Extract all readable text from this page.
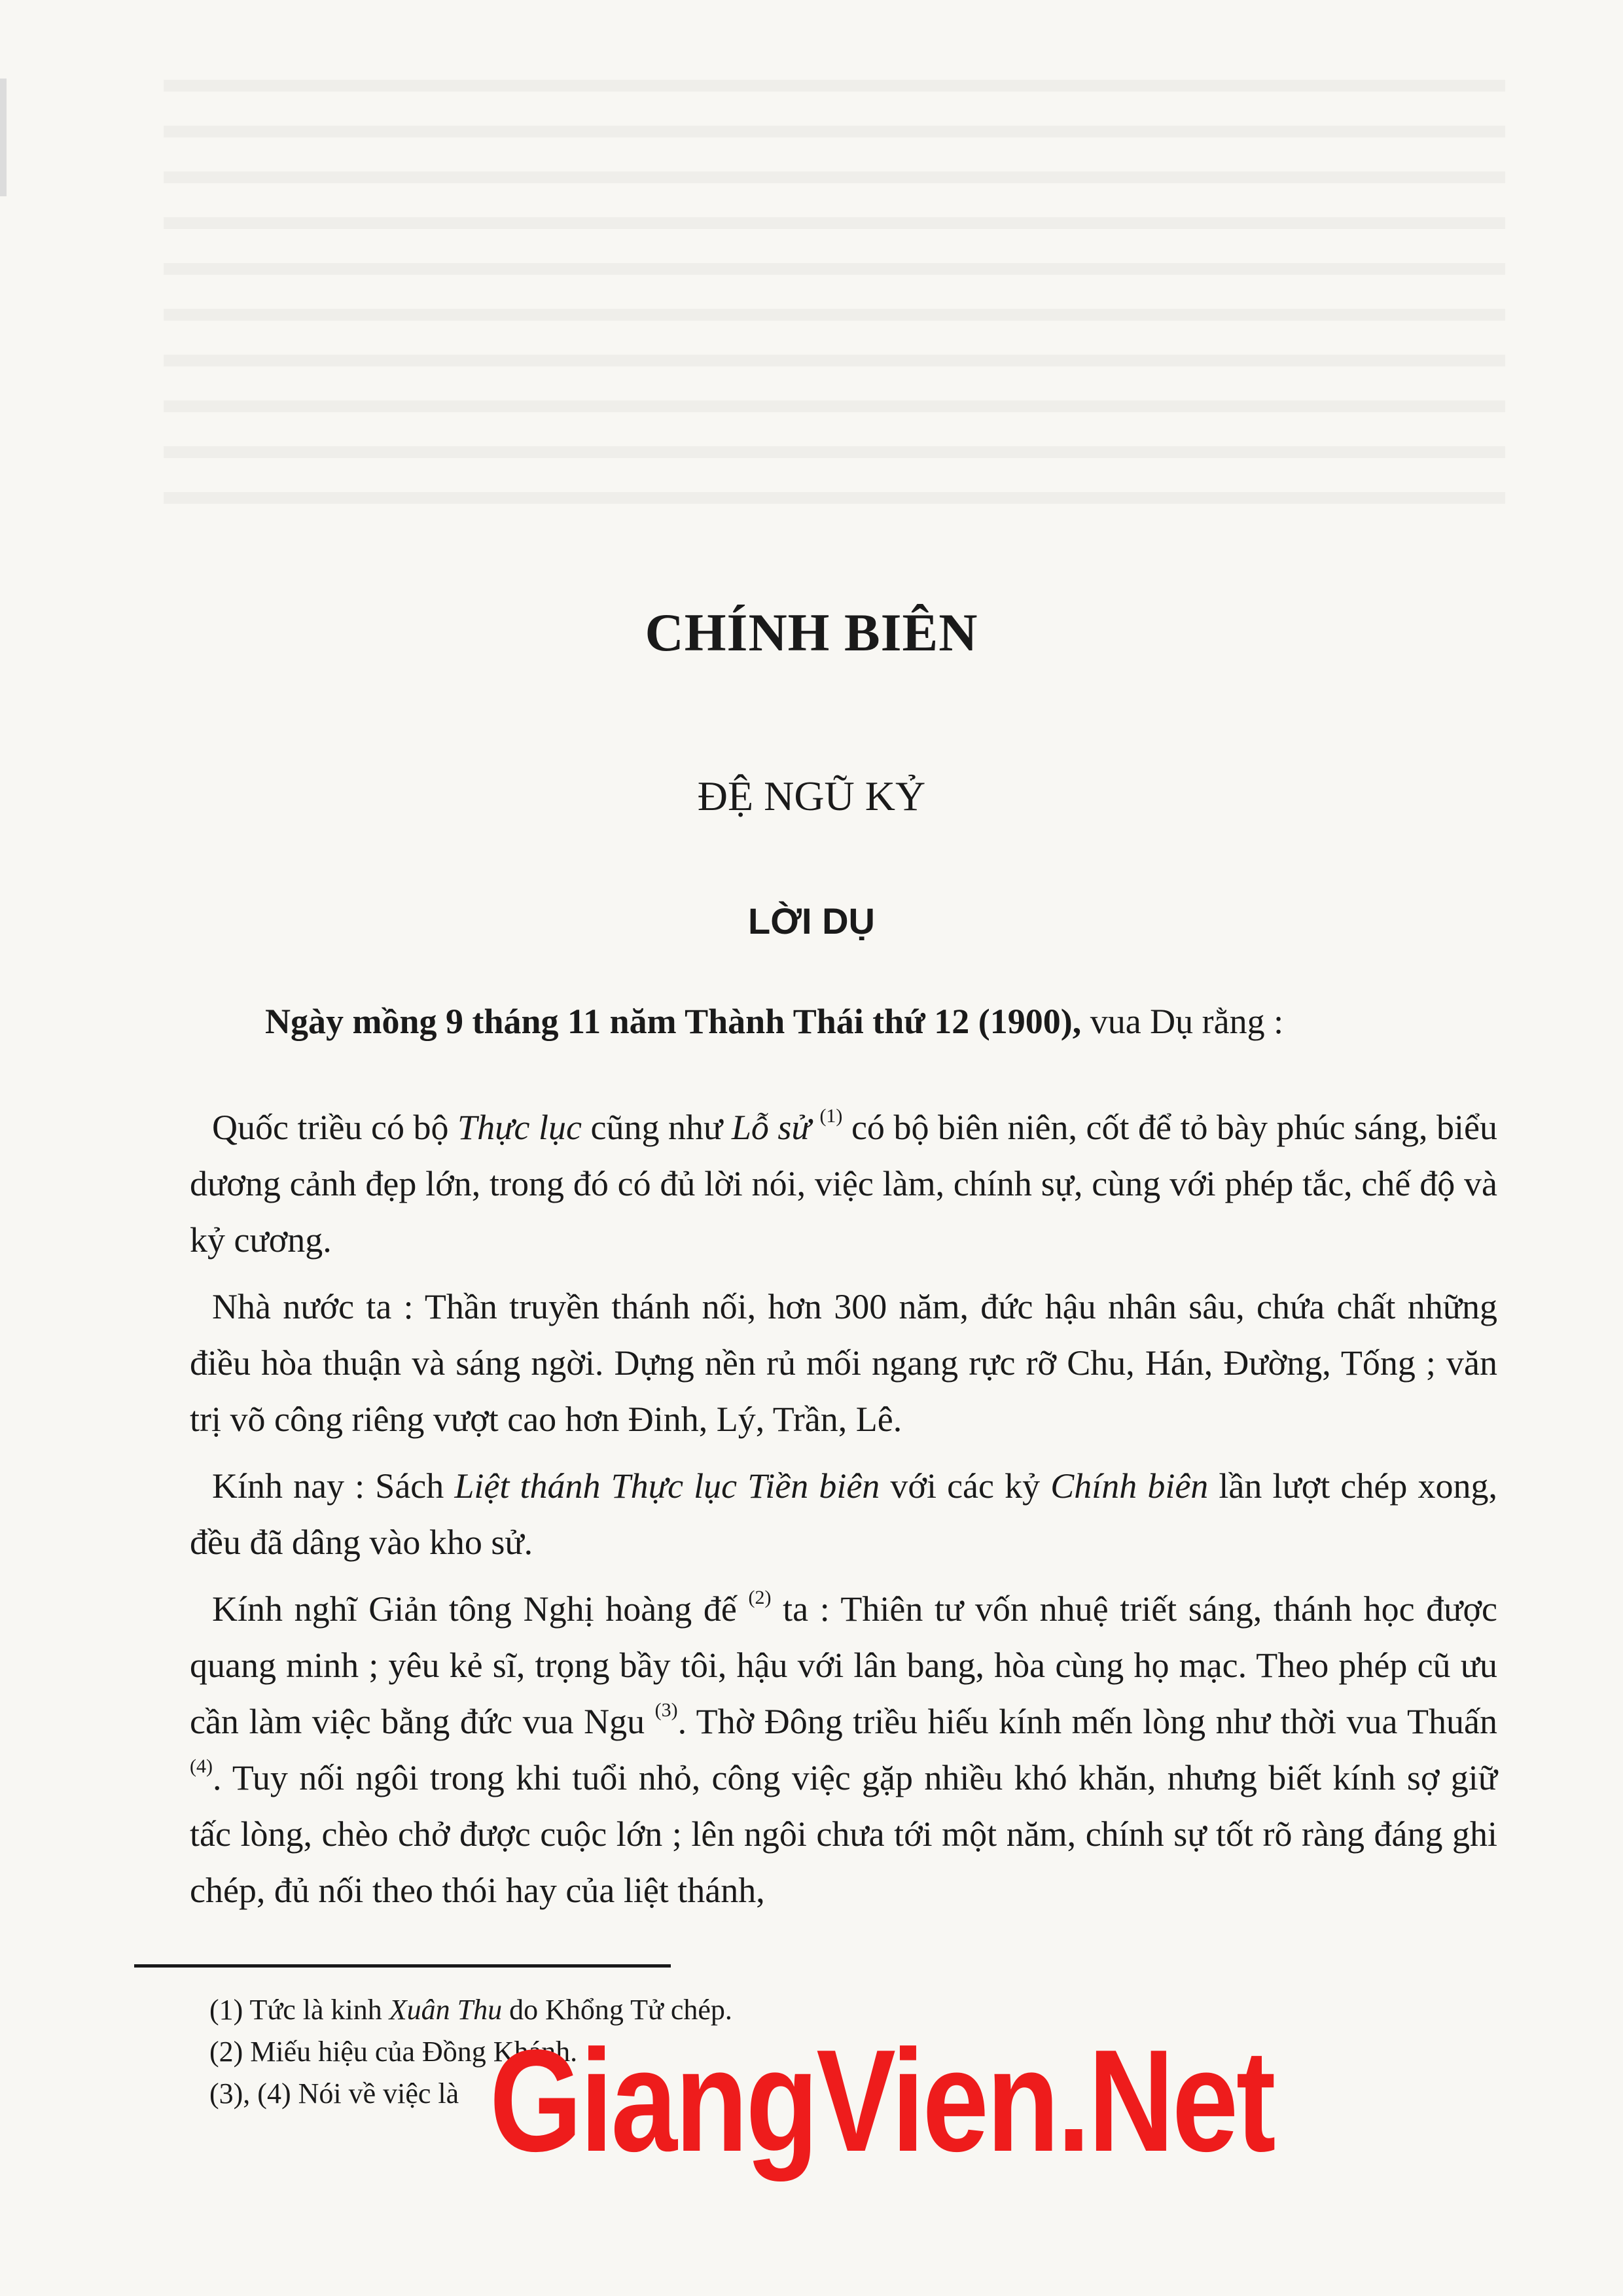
CHÍNH BIÊN
ĐỆ NGŨ KỶ
LỜI DỤ
Ngày mồng 9 tháng 11 năm Thành Thái thứ 12 (1900), vua Dụ rằng :

Quốc triều có bộ Thực lục cũng như Lỗ sử $^{(1)}$ có bộ biên niên, cốt để tỏ bày phúc sáng, biểu dương cảnh đẹp lớn, trong đó có đủ lời nói, việc làm, chính sự, cùng với phép tắc, chế độ và kỷ cương.

Nhà nước ta : Thần truyền thánh nối, hơn 300 năm, đức hậu nhân sâu, chứa chất những điều hòa thuận và sáng ngời. Dựng nền rủ mối ngang rực rỡ Chu, Hán, Đường, Tống ; văn trị võ công riêng vượt cao hơn Đinh, Lý, Trần, Lê.

Kính nay : Sách Liệt thánh Thực lục Tiền biên với các kỷ Chính biên lần lượt chép xong, đều đã dâng vào kho sử.

Kính nghĩ Giản tông Nghị hoàng đế $^{(2)}$ ta : Thiên tư vốn nhuệ triết sáng, thánh học được quang minh ; yêu kẻ sĩ, trọng bầy tôi, hậu với lân bang, hòa cùng họ mạc. Theo phép cũ ưu cần làm việc bằng đức vua Ngu $^{(3)}$. Thờ Đông triều hiếu kính mến lòng như thời vua Thuấn $^{(4)}$. Tuy nối ngôi trong khi tuổi nhỏ, công việc gặp nhiều khó khăn, nhưng biết kính sợ giữ tấc lòng, chèo chở được cuộc lớn ; lên ngôi chưa tới một năm, chính sự tốt rõ ràng đáng ghi chép, đủ nối theo thói hay của liệt thánh,

(1) Tức là kinh Xuân Thu do Khổng Tử chép.
(2) Miếu hiệu của Đồng Khánh.
(3), (4) Nói về việc là GiangVien.Net
